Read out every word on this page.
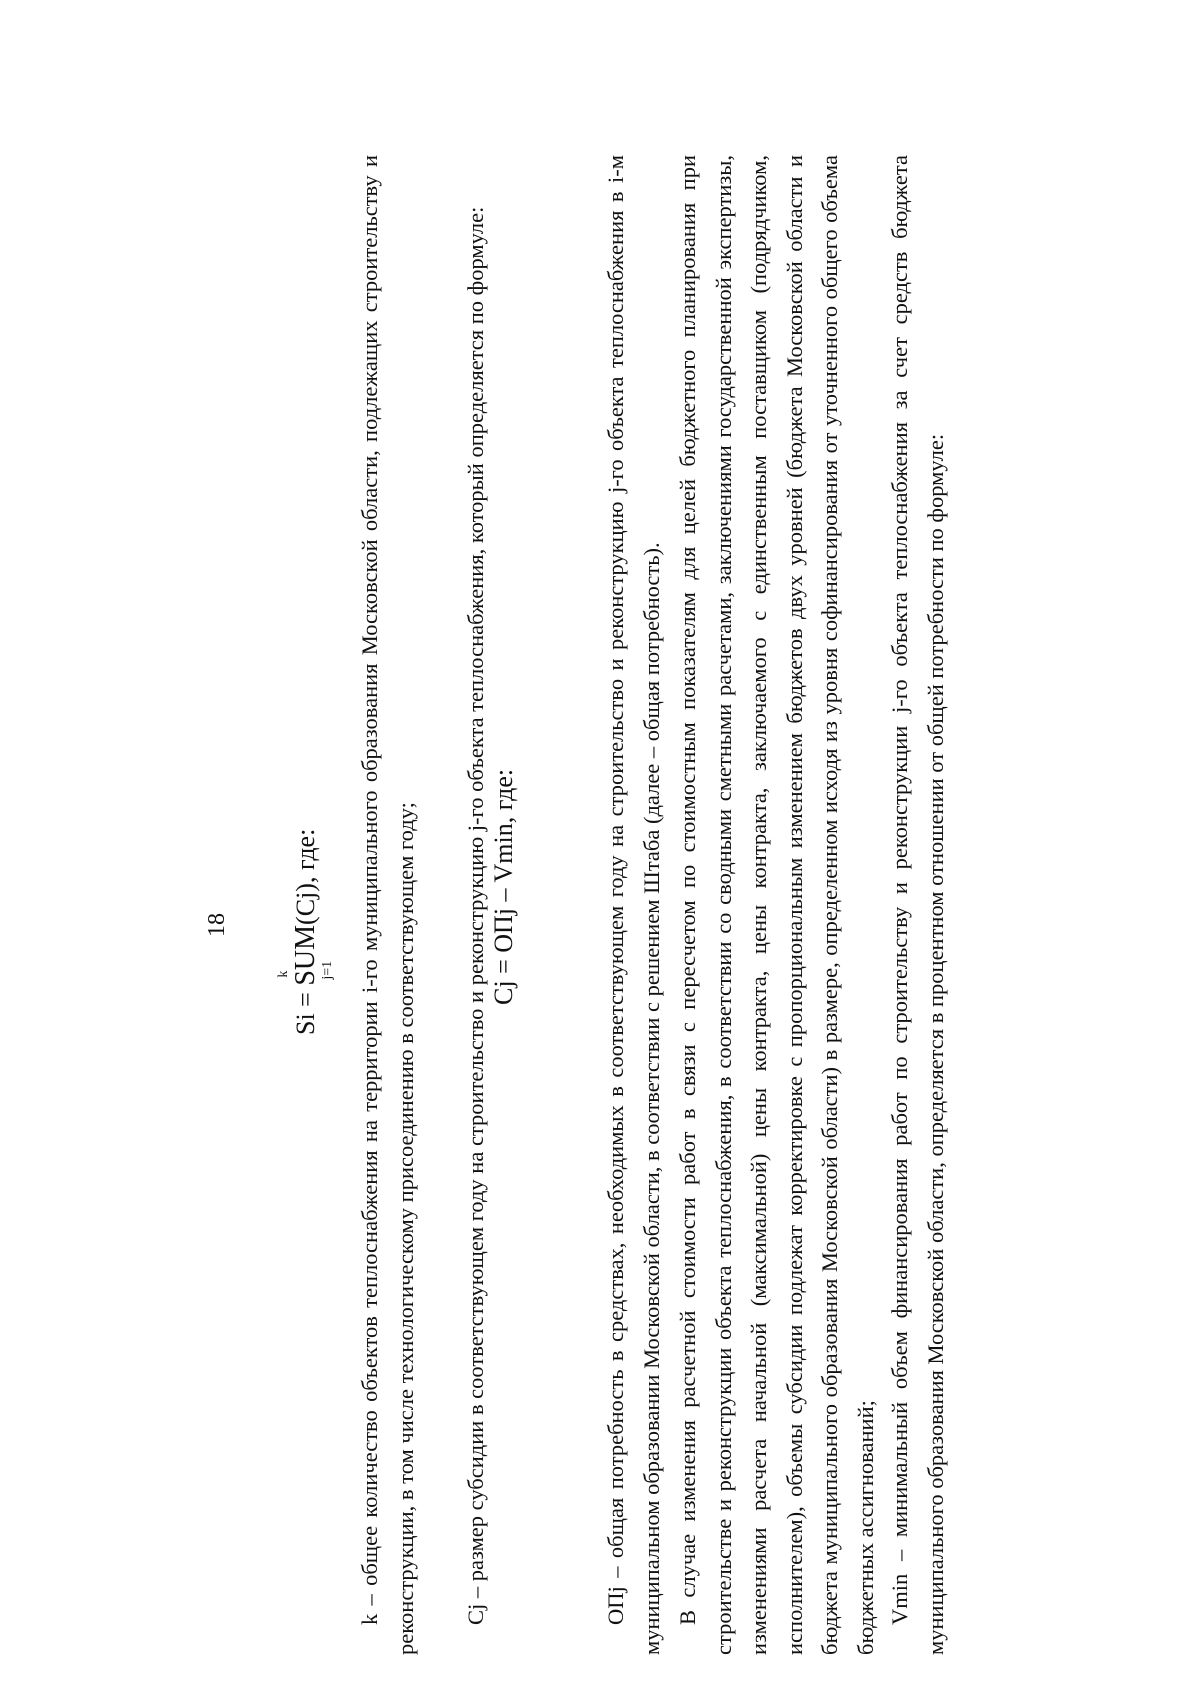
18
Si =
k SUM j=1
(Cj), где: k – общее количество объектов теплоснабжения на территории i-го муниципального образования Московской области, подлежащих строительству и реконструкции, в том числе технологическому присоединению в соответствующем году; Cj – размер субсидии в соответствующем году на строительство и реконструкцию j-го объекта теплоснабжения, который определяется по формуле: Cj = ОПj – Vmin, где:	ОПj – общая потребность в средствах, необходимых в соответствующем году на строительство и реконструкцию j-го объекта теплоснабжения в i-м муниципальном образовании Московской области, в соответствии с решением Штаба (далее – общая потребность). В случае изменения расчетной стоимости работ в связи с пересчетом по стоимостным показателям для целей бюджетного планирования при строительстве и реконструкции объекта теплоснабжения, в соответствии со сводными сметными расчетами, заключениями государственной экспертизы, изменениями расчета начальной (максимальной) цены контракта, цены контракта, заключаемого с единственным поставщиком (подрядчиком, исполнителем), объемы субсидии подлежат корректировке с пропорциональным изменением бюджетов двух уровней (бюджета Московской области и бюджета муниципального образования Московской области) в размере, определенном исходя из уровня софинансирования от уточненного общего объема бюджетных ассигнований; Vmin – минимальный объем финансирования работ по строительству и реконструкции j-го объекта теплоснабжения за счет средств бюджета муниципального образования Московской области, определяется в процентном отношении от общей потребности по формуле:
